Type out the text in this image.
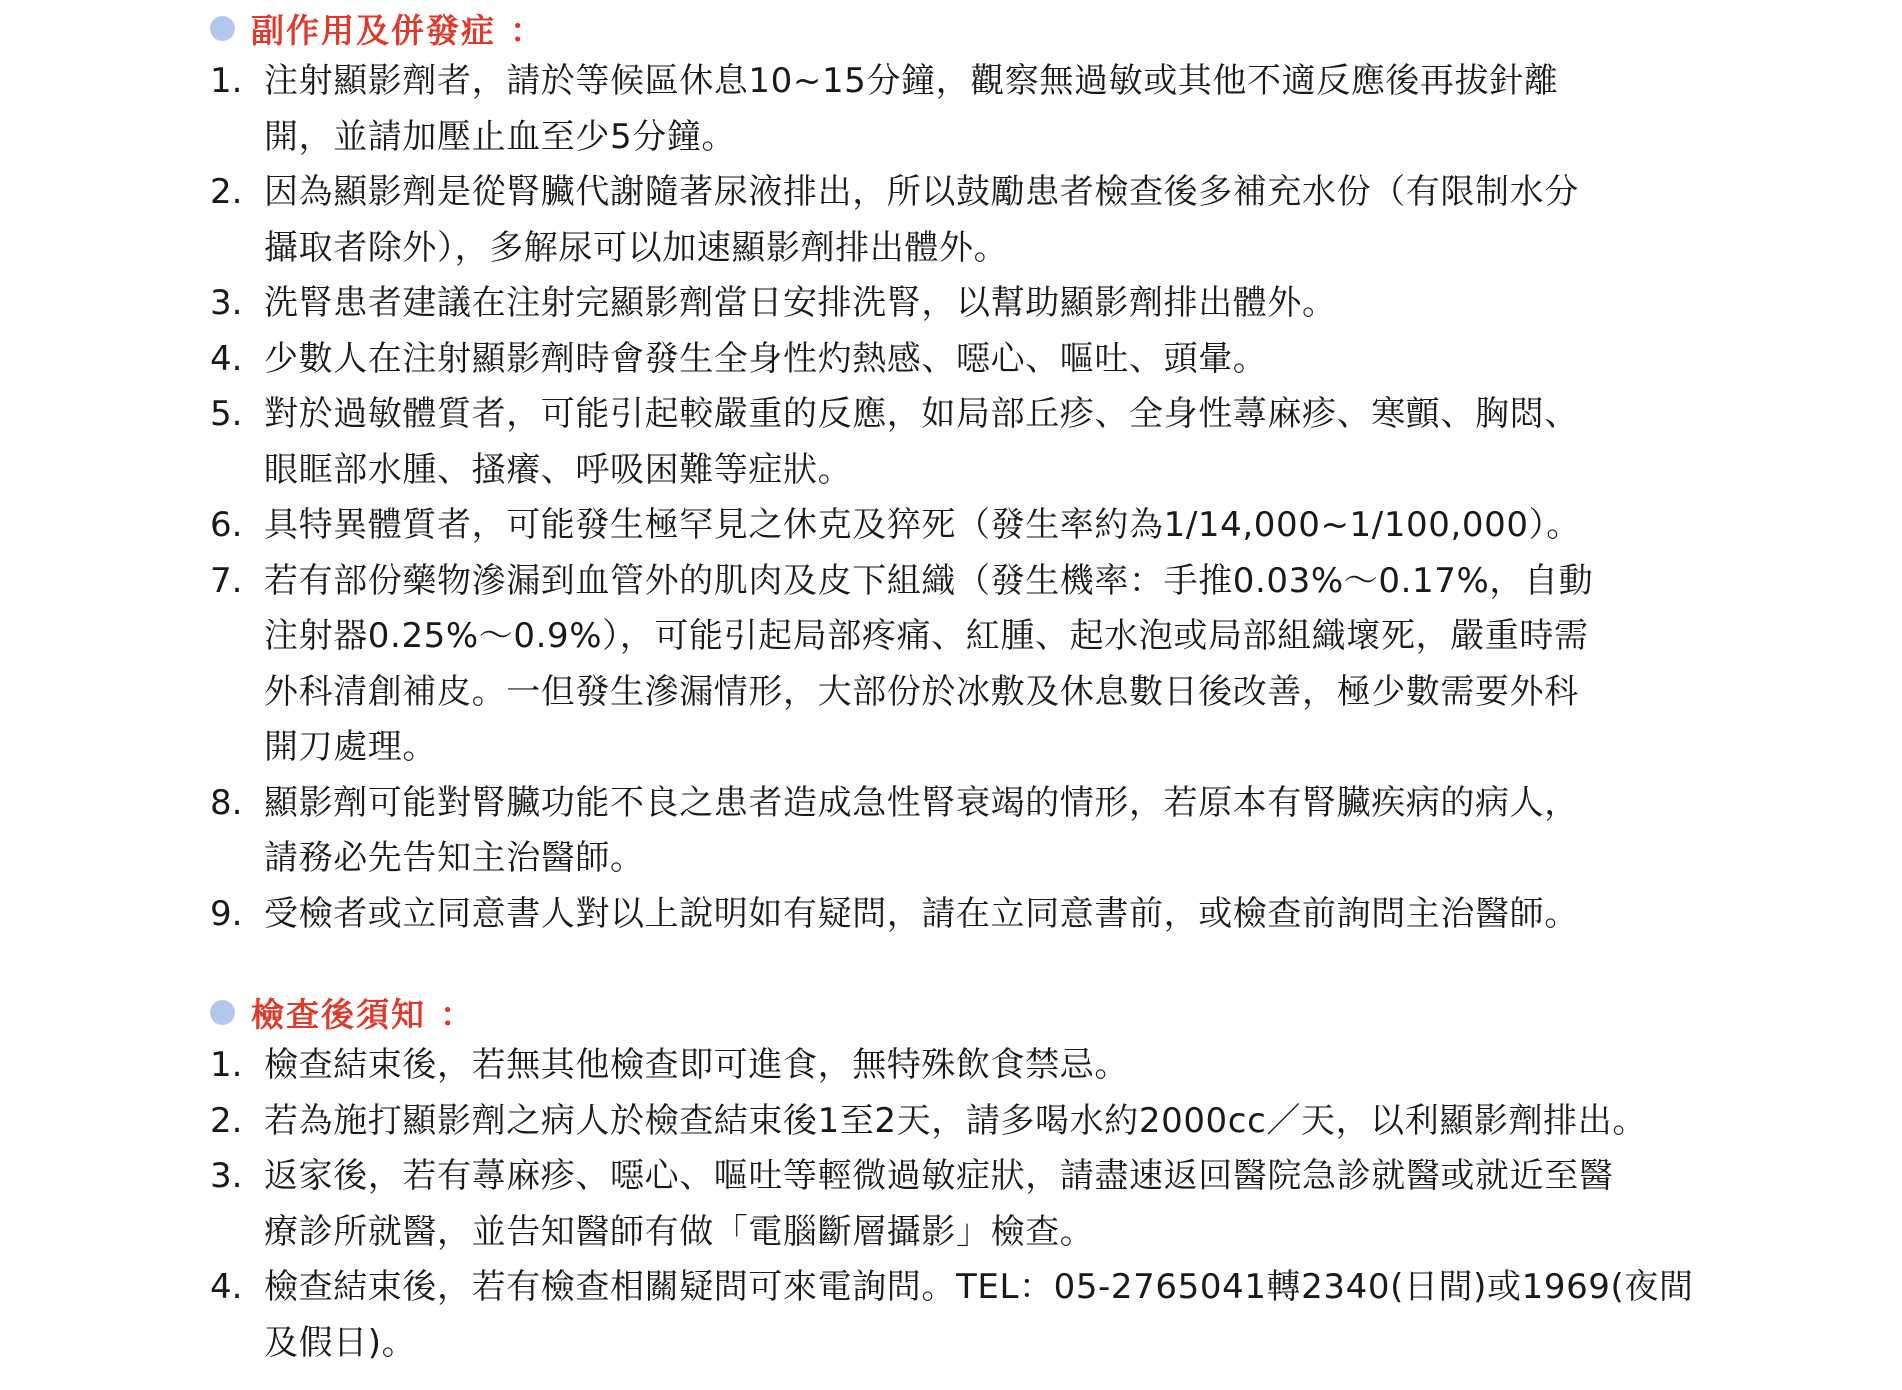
副作用及併發症 ：
1. 注射顯影劑者，請於等候區休息10~15分鐘，觀察無過敏或其他不適反應後再拔針離
開，並請加壓止血至少5分鐘。
2. 因為顯影劑是從腎臟代謝隨著尿液排出，所以鼓勵患者檢查後多補充水份（有限制水分
攝取者除外），多解尿可以加速顯影劑排出體外。
3. 洗腎患者建議在注射完顯影劑當日安排洗腎，以幫助顯影劑排出體外。
4. 少數人在注射顯影劑時會發生全身性灼熱感、噁心、嘔吐、頭暈。
5. 對於過敏體質者，可能引起較嚴重的反應，如局部丘疹、全身性蕁麻疹、寒顫、胸悶、
眼眶部水腫、搔癢、呼吸困難等症狀。
6. 具特異體質者，可能發生極罕見之休克及猝死（發生率約為1/14,000~1/100,000）。
7. 若有部份藥物滲漏到血管外的肌肉及皮下組織（發生機率：手推0.03%～0.17%，自動
注射器0.25%～0.9%），可能引起局部疼痛、紅腫、起水泡或局部組織壞死，嚴重時需
外科清創補皮。一但發生滲漏情形，大部份於冰敷及休息數日後改善，極少數需要外科
開刀處理。
8. 顯影劑可能對腎臟功能不良之患者造成急性腎衰竭的情形，若原本有腎臟疾病的病人，
請務必先告知主治醫師。
9. 受檢者或立同意書人對以上說明如有疑問，請在立同意書前，或檢查前詢問主治醫師。
檢查後須知 ：
1. 檢查結束後，若無其他檢查即可進食，無特殊飲食禁忌。
2. 若為施打顯影劑之病人於檢查結束後1至2天，請多喝水約2000cc／天，以利顯影劑排出。
3. 返家後，若有蕁麻疹、噁心、嘔吐等輕微過敏症狀，請盡速返回醫院急診就醫或就近至醫
療診所就醫，並告知醫師有做「電腦斷層攝影」檢查。
4. 檢查結束後，若有檢查相關疑問可來電詢問。TEL：05-2765041轉2340(日間)或1969(夜間
及假日)。
